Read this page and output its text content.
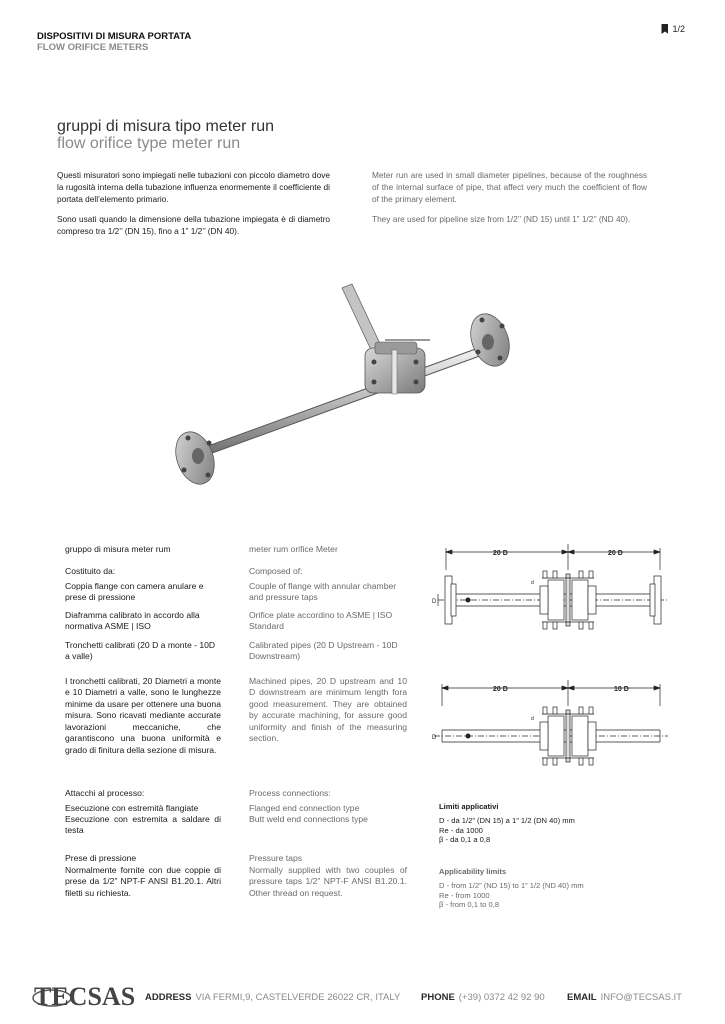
DISPOSITIVI DI MISURA PORTATA
FLOW ORIFICE METERS
1/2
gruppi di misura tipo meter run
flow orifice type meter run

Questi misuratori sono impiegati nelle tubazioni con piccolo diametro dove la rugosità interna della tubazione influenza enormemente il coefficiente di portata dell’elemento primario.

Sono usati quando la dimensione della tubazione impiegata è di diametro compreso tra 1/2’’ (DN 15), fino a 1” 1/2’’ (DN 40).

Meter run are used in small diameter pipelines, because of the roughness of the internal surface of pipe, that affect very much the coefficient of flow of the primary element.

They are used for pipeline size from 1/2’’ (ND 15) until 1” 1/2’’ (ND 40).

gruppo di misura meter rum
Costituito da:
Coppia flange con camera anulare e prese di pressione
Diaframma calibrato in accordo alla normativa ASME | ISO
Tronchetti calibrati (20 D a monte - 10D a valle)
I tronchetti calibrati, 20 Diametri a monte e 10 Diametri a valle, sono le lunghezze minime da usare per ottenere una buona misura. Sono ricavati mediante accurate lavorazioni meccaniche, che garantiscono una buona uniformità e grado di finitura della sezione di misura.
Attacchi al processo:
Esecuzione con estremità flangiate
Esecuzione con estremita a saldare di testa
Prese di pressione
Normalmente fornite con due coppie di prese da 1/2” NPT-F ANSI B1.20.1. Altri filetti su richiesta.
meter rum orifice Meter
Composed of:
Couple of flange with annular chamber and pressure taps
Orifice plate accordino to ASME | ISO Standard
Calibrated pipes (20 D Upstream - 10D Downstream)
Machined pipes, 20 D upstream and 10 D downstream are minimum length fora good measurement. They are obtained by accurate machining, for assure good uniformity and finish of the measuring section.
Process connections:
Flanged end connection type
Butt weld end connections type
Pressure taps
Normally supplied with two couples of pressure taps 1/2” NPT-F ANSI B1.20.1. Other thread on request.
20 D	20 D
D
d
20 D	10 D
D
d
Limiti applicativi
D - da 1/2” (DN 15) a 1” 1/2 (DN 40) mm
Re - da 1000
β - da 0,1 a 0,8
Applicability limits
D - from 1/2” (ND 15) to 1” 1/2 (ND 40) mm
Re - from 1000
β - from 0,1 to 0,8
TECSAS ADDRESS VIA FERMI,9, CASTELVERDE 26022 CR, ITALY PHONE (+39) 0372 42 92 90 EMAIL INFO@TECSAS.IT
